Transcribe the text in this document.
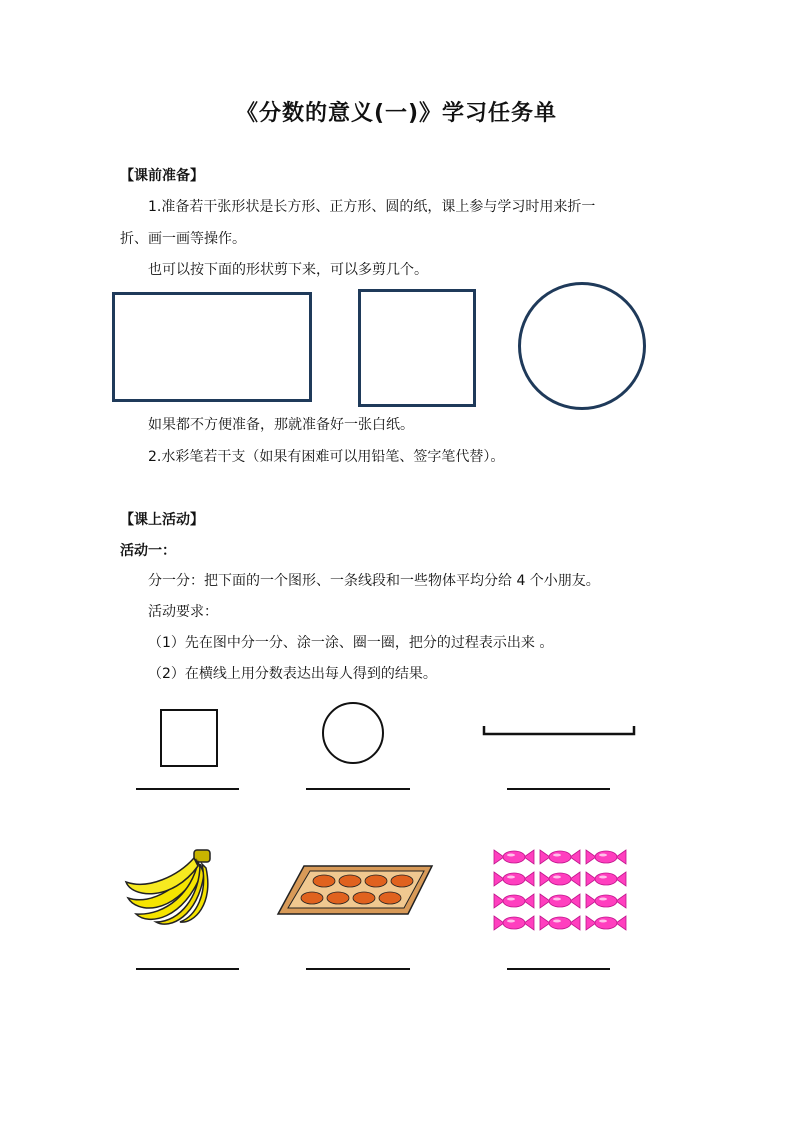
《分数的意义(一)》学习任务单
【课前准备】
1.准备若干张形状是长方形、正方形、圆的纸，课上参与学习时用来折一
折、画一画等操作。
也可以按下面的形状剪下来，可以多剪几个。
如果都不方便准备，那就准备好一张白纸。
2.水彩笔若干支（如果有困难可以用铅笔、签字笔代替）。
【课上活动】
活动一：
分一分：把下面的一个图形、一条线段和一些物体平均分给 4 个小朋友。
活动要求：
（1）先在图中分一分、涂一涂、圈一圈，把分的过程表示出来 。
（2）在横线上用分数表达出每人得到的结果。
